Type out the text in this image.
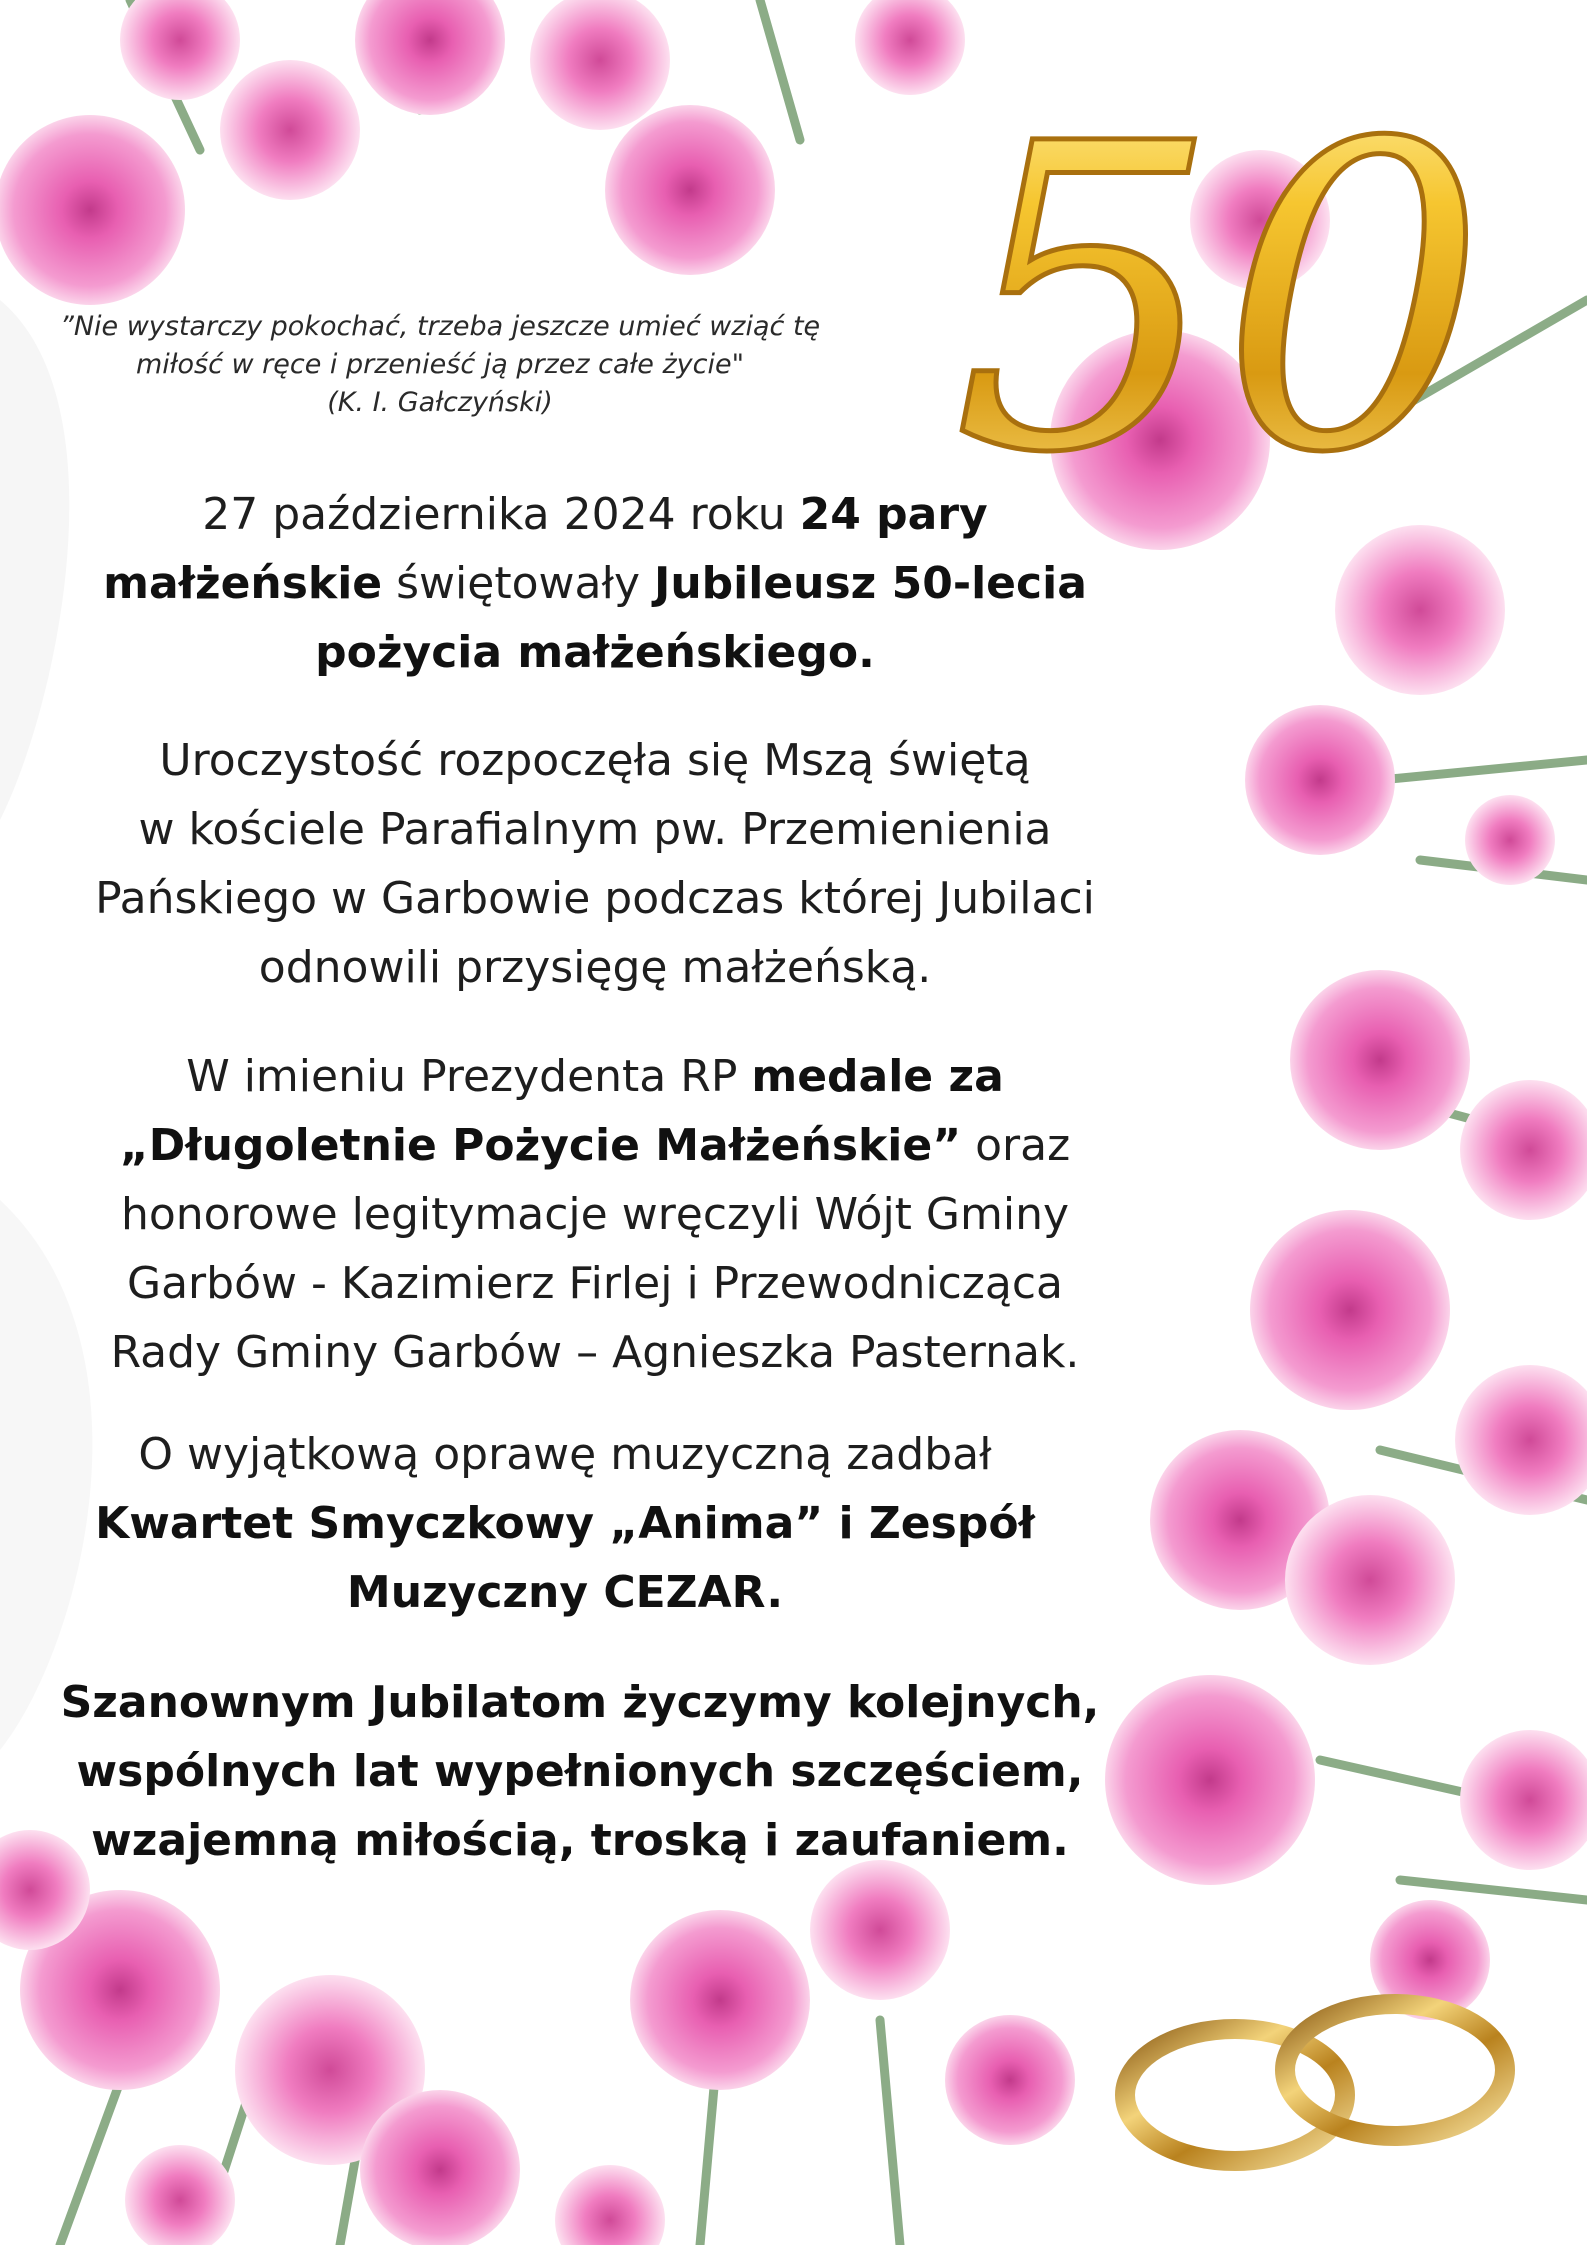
50
”Nie wystarczy pokochać, trzeba jeszcze umieć wziąć tę
miłość w ręce i przenieść ją przez całe życie"
(K. I. Gałczyński)
27 października 2024 roku 24 pary
małżeńskie świętowały Jubileusz 50-lecia
pożycia małżeńskiego.
Uroczystość rozpoczęła się Mszą świętą
w kościele Parafialnym pw. Przemienienia
Pańskiego w Garbowie podczas której Jubilaci
odnowili przysięgę małżeńską.
W imieniu Prezydenta RP medale za
„Długoletnie Pożycie Małżeńskie” oraz
honorowe legitymacje wręczyli Wójt Gminy
Garbów - Kazimierz Firlej i Przewodnicząca
Rady Gminy Garbów – Agnieszka Pasternak.
O wyjątkową oprawę muzyczną zadbał
Kwartet Smyczkowy „Anima” i Zespół
Muzyczny CEZAR.
Szanownym Jubilatom życzymy kolejnych,
wspólnych lat wypełnionych szczęściem,
wzajemną miłością, troską i zaufaniem.
